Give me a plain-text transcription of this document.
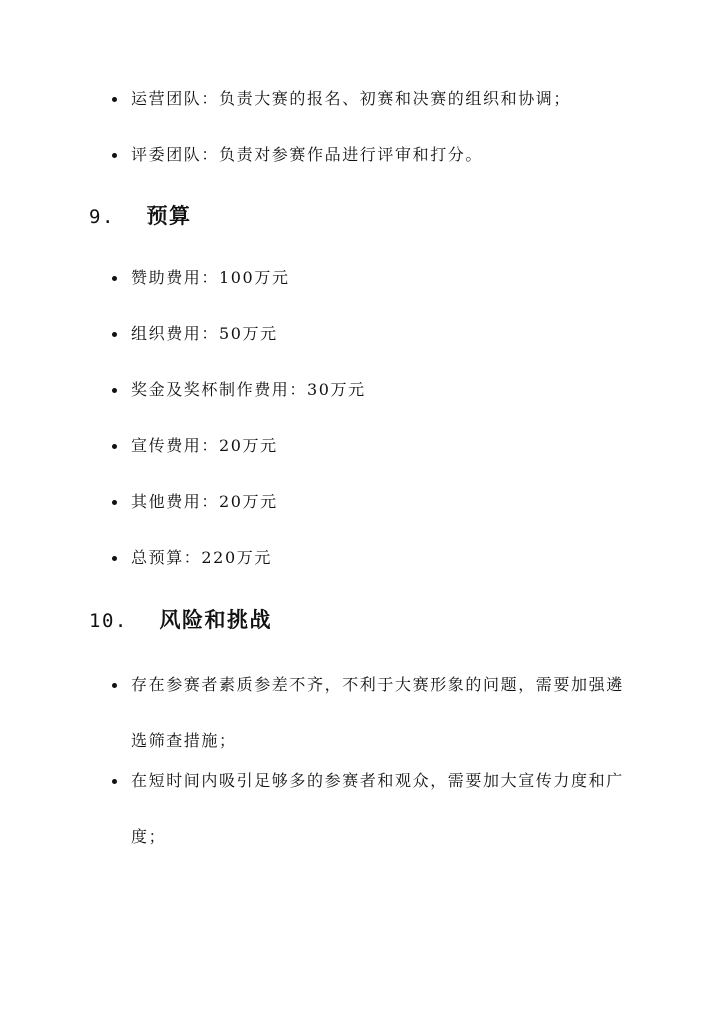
运营团队：负责大赛的报名、初赛和决赛的组织和协调；
评委团队：负责对参赛作品进行评审和打分。
9. 预算
赞助费用：100万元
组织费用：50万元
奖金及奖杯制作费用：30万元
宣传费用：20万元
其他费用：20万元
总预算：220万元
10. 风险和挑战
存在参赛者素质参差不齐，不利于大赛形象的问题，需要加强遴选筛查措施；
在短时间内吸引足够多的参赛者和观众，需要加大宣传力度和广度；
